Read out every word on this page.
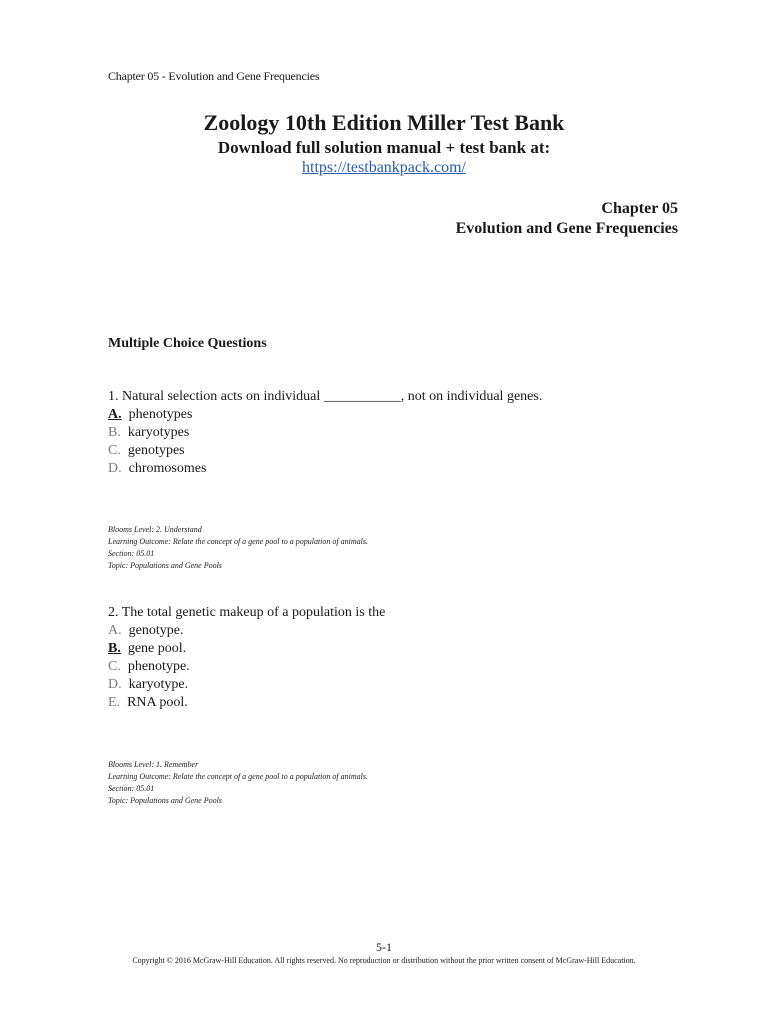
Chapter 05 - Evolution and Gene Frequencies
Zoology 10th Edition Miller Test Bank
Download full solution manual + test bank at:
https://testbankpack.com/
Chapter 05
Evolution and Gene Frequencies
Multiple Choice Questions
1. Natural selection acts on individual ___________, not on individual genes.
A. phenotypes
B. karyotypes
C. genotypes
D. chromosomes
Blooms Level: 2. Understand
Learning Outcome: Relate the concept of a gene pool to a population of animals.
Section: 05.01
Topic: Populations and Gene Pools
2. The total genetic makeup of a population is the
A. genotype.
B. gene pool.
C. phenotype.
D. karyotype.
E. RNA pool.
Blooms Level: 1. Remember
Learning Outcome: Relate the concept of a gene pool to a population of animals.
Section: 05.01
Topic: Populations and Gene Pools
5-1
Copyright © 2016 McGraw-Hill Education. All rights reserved. No reproduction or distribution without the prior written consent of McGraw-Hill Education.
